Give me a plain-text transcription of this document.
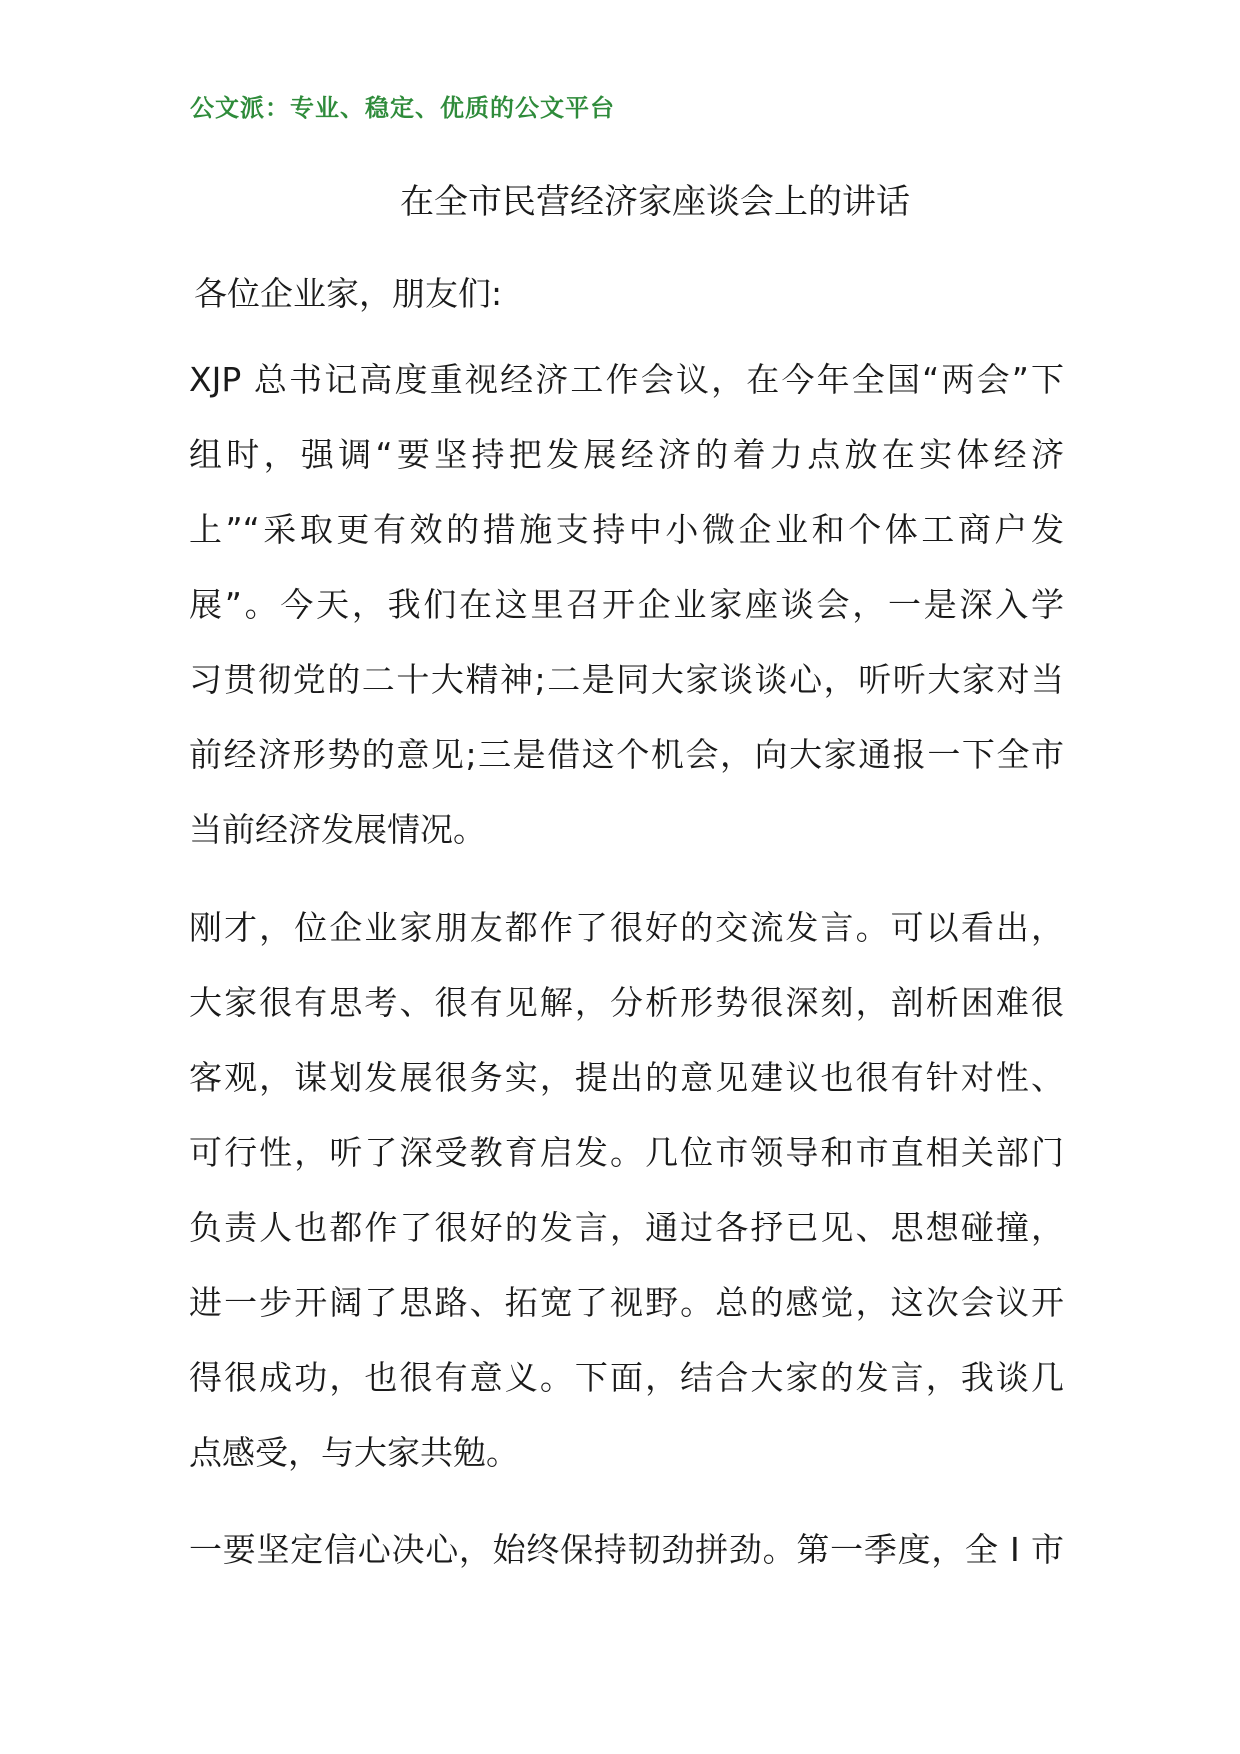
公文派：专业、稳定、优质的公文平台
在全市民营经济家座谈会上的讲话
各位企业家，朋友们:
XJP 总书记高度重视经济工作会议，在今年全国“两会”下
组时，强调“要坚持把发展经济的着力点放在实体经济
上”“采取更有效的措施支持中小微企业和个体工商户发
展”。今天，我们在这里召开企业家座谈会，一是深入学
习贯彻党的二十大精神;二是同大家谈谈心，听听大家对当
前经济形势的意见;三是借这个机会，向大家通报一下全市
当前经济发展情况。
刚才，位企业家朋友都作了很好的交流发言。可以看出，
大家很有思考、很有见解，分析形势很深刻，剖析困难很
客观，谋划发展很务实，提出的意见建议也很有针对性、
可行性，听了深受教育启发。几位市领导和市直相关部门
负责人也都作了很好的发言，通过各抒已见、思想碰撞，
进一步开阔了思路、拓宽了视野。总的感觉，这次会议开
得很成功，也很有意义。下面，结合大家的发言，我谈几
点感受，与大家共勉。
一要坚定信心决心，始终保持韧劲拼劲。第一季度，全 I 市
